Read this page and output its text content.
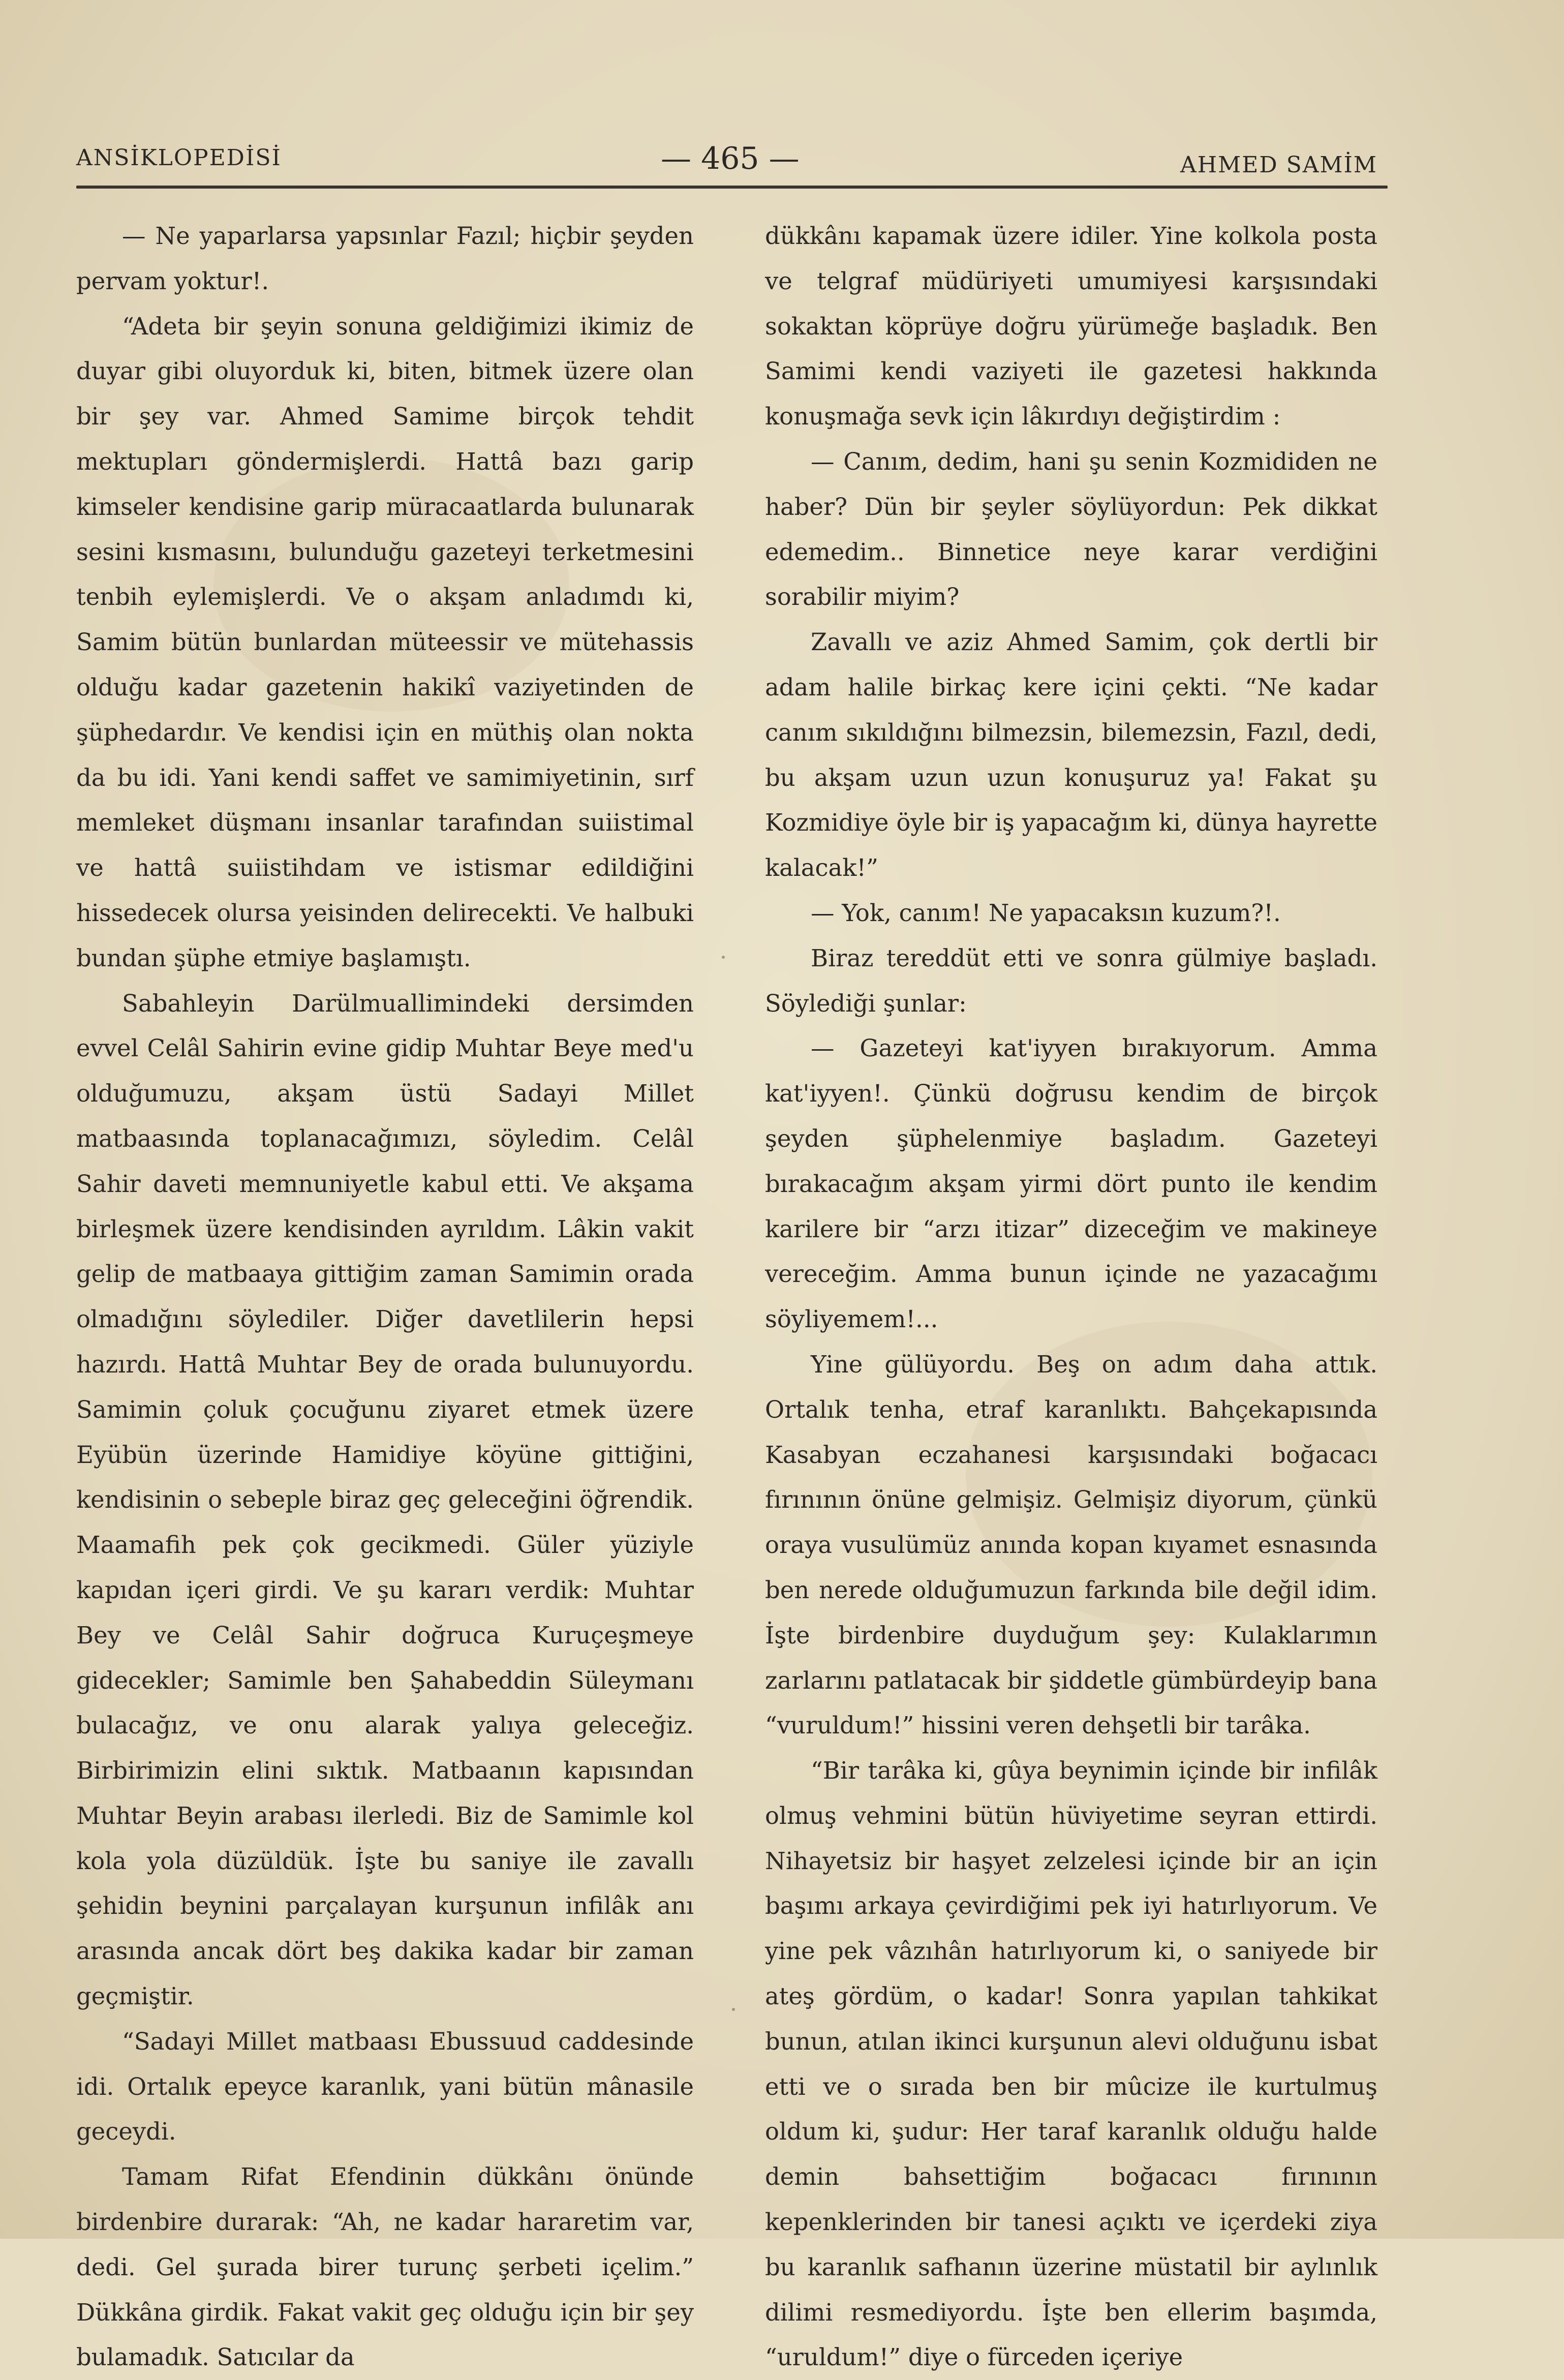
ANSİKLOPEDİSİ	— 465 —	AHMED SAMİM

— Ne yaparlarsa yapsınlar Fazıl; hiçbir şeyden pervam yoktur!.

“Adeta bir şeyin sonuna geldiğimizi ikimiz de duyar gibi oluyorduk ki, biten, bitmek üzere olan bir şey var. Ahmed Samime birçok tehdit mektupları göndermişlerdi. Hattâ bazı garip kimseler kendisine garip müracaatlarda bulunarak sesini kısmasını, bulunduğu gazeteyi terketmesini tenbih eylemişlerdi. Ve o akşam anladımdı ki, Samim bütün bunlardan müteessir ve mütehassis olduğu kadar gazetenin hakikî vaziyetinden de şüphedardır. Ve kendisi için en müthiş olan nokta da bu idi. Yani kendi saffet ve samimiyetinin, sırf memleket düşmanı insanlar tarafından suiistimal ve hattâ suiistihdam ve istismar edildiğini hissedecek olursa yeisinden delirecekti. Ve halbuki bundan şüphe etmiye başlamıştı.

Sabahleyin Darülmuallimindeki dersimden evvel Celâl Sahirin evine gidip Muhtar Beye med'u olduğumuzu, akşam üstü Sadayi Millet matbaasında toplanacağımızı, söyledim. Celâl Sahir daveti memnuniyetle kabul etti. Ve akşama birleşmek üzere kendisinden ayrıldım. Lâkin vakit gelip de matbaaya gittiğim zaman Samimin orada olmadığını söylediler. Diğer davetlilerin hepsi hazırdı. Hattâ Muhtar Bey de orada bulunuyordu. Samimin çoluk çocuğunu ziyaret etmek üzere Eyübün üzerinde Hamidiye köyüne gittiğini, kendisinin o sebeple biraz geç geleceğini öğrendik. Maamafih pek çok gecikmedi. Güler yüziyle kapıdan içeri girdi. Ve şu kararı verdik: Muhtar Bey ve Celâl Sahir doğruca Kuruçeşmeye gidecekler; Samimle ben Şahabeddin Süleymanı bulacağız, ve onu alarak yalıya geleceğiz. Birbirimizin elini sıktık. Matbaanın kapısından Muhtar Beyin arabası ilerledi. Biz de Samimle kol kola yola düzüldük. İşte bu saniye ile zavallı şehidin beynini parçalayan kurşunun infilâk anı arasında ancak dört beş dakika kadar bir zaman geçmiştir.

“Sadayi Millet matbaası Ebussuud caddesinde idi. Ortalık epeyce karanlık, yani bütün mânasile geceydi.

Tamam Rifat Efendinin dükkânı önünde birdenbire durarak: “Ah, ne kadar hararetim var, dedi. Gel şurada birer turunç şerbeti içelim.” Dükkâna girdik. Fakat vakit geç olduğu için bir şey bulamadık. Satıcılar da

dükkânı kapamak üzere idiler. Yine kolkola posta ve telgraf müdüriyeti umumiyesi karşısındaki sokaktan köprüye doğru yürümeğe başladık. Ben Samimi kendi vaziyeti ile gazetesi hakkında konuşmağa sevk için lâkırdıyı değiştirdim :

— Canım, dedim, hani şu senin Kozmididen ne haber? Dün bir şeyler söylüyordun: Pek dikkat edemedim.. Binnetice neye karar verdiğini sorabilir miyim?

Zavallı ve aziz Ahmed Samim, çok dertli bir adam halile birkaç kere içini çekti. “Ne kadar canım sıkıldığını bilmezsin, bilemezsin, Fazıl, dedi, bu akşam uzun uzun konuşuruz ya! Fakat şu Kozmidiye öyle bir iş yapacağım ki, dünya hayrette kalacak!”

— Yok, canım! Ne yapacaksın kuzum?!.

Biraz tereddüt etti ve sonra gülmiye başladı. Söylediği şunlar:

— Gazeteyi kat'iyyen bırakıyorum. Amma kat'iyyen!. Çünkü doğrusu kendim de birçok şeyden şüphelenmiye başladım. Gazeteyi bırakacağım akşam yirmi dört punto ile kendim karilere bir “arzı itizar” dizeceğim ve makineye vereceğim. Amma bunun içinde ne yazacağımı söyliyemem!...

Yine gülüyordu. Beş on adım daha attık. Ortalık tenha, etraf karanlıktı. Bahçekapısında Kasabyan eczahanesi karşısındaki boğacacı fırınının önüne gelmişiz. Gelmişiz diyorum, çünkü oraya vusulümüz anında kopan kıyamet esnasında ben nerede olduğumuzun farkında bile değil idim. İşte birdenbire duyduğum şey: Kulaklarımın zarlarını patlatacak bir şiddetle gümbürdeyip bana “vuruldum!” hissini veren dehşetli bir tarâka.

“Bir tarâka ki, gûya beynimin içinde bir infilâk olmuş vehmini bütün hüviyetime seyran ettirdi. Nihayetsiz bir haşyet zelzelesi içinde bir an için başımı arkaya çevirdiğimi pek iyi hatırlıyorum. Ve yine pek vâzıhân hatırlıyorum ki, o saniyede bir ateş gördüm, o kadar! Sonra yapılan tahkikat bunun, atılan ikinci kurşunun alevi olduğunu isbat etti ve o sırada ben bir mûcize ile kurtulmuş oldum ki, şudur: Her taraf karanlık olduğu halde demin bahsettiğim boğacacı fırınının kepenklerinden bir tanesi açıktı ve içerdeki ziya bu karanlık safhanın üzerine müstatil bir aylınlık dilimi resmediyordu. İşte ben ellerim başımda, “uruldum!” diye o fürceden içeriye
